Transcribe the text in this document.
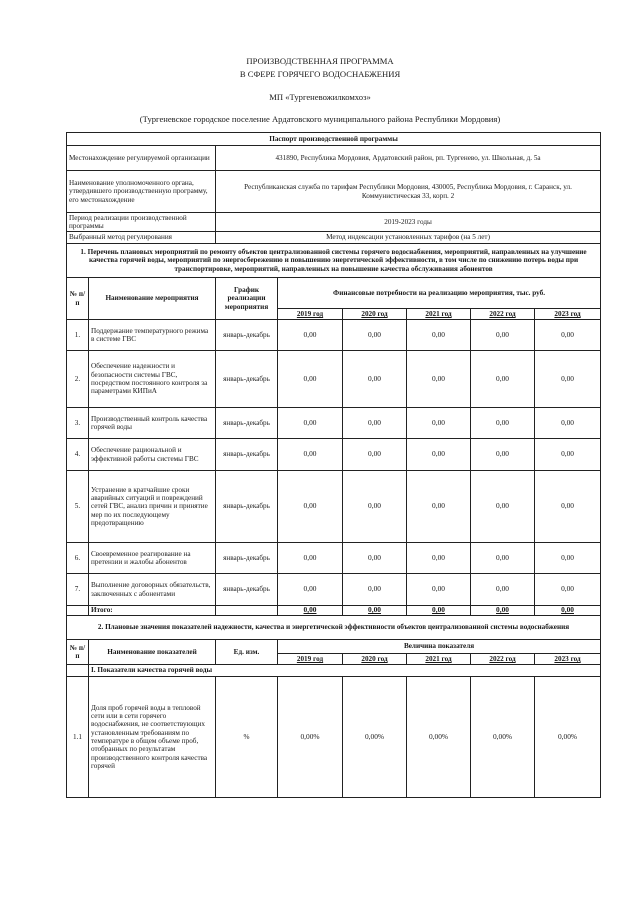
ПРОИЗВОДСТВЕННАЯ ПРОГРАММА
В СФЕРЕ ГОРЯЧЕГО ВОДОСНАБЖЕНИЯ
МП «Тургеневожилкомхоз»
(Тургеневское городское поселение Ардатовского муниципального района Республики Мордовия)
Паспорт производственной программы							
Местонахождение регулируемой организации		431890, Республика Мордовия, Ардатовский район, рп. Тургенево, ул. Школьная, д. 5а					
Наименование уполномоченного органа, утвердившего производственную программу, его местонахождение		Республиканская служба по тарифам Республики Мордовия, 430005, Республика Мордовия, г. Саранск, ул. Коммунистическая 33, корп. 2					
Период реализации производственной программы		2019-2023 годы					
Выбранный метод регулирования		Метод индексации установленных тарифов (на 5 лет)					
1. Перечень плановых мероприятий по ремонту объектов централизованной системы горячего водоснабжения, мероприятий, направленных на улучшение качества горячей воды, мероприятий по энергосбережению и повышению энергетической эффективности, в том числе по снижению потерь воды при транспортировке, мероприятий, направленных на повышение качества обслуживания абонентов							
№ п/п	Наименование мероприятия	График реализации мероприятия	Финансовые потребности на реализацию мероприятия, тыс. руб.				
			2019 год	2020 год	2021 год	2022 год	2023 год
1.	Поддержание температурного режима в системе ГВС	январь-декабрь	0,00	0,00	0,00	0,00	0,00
2.	Обеспечение надежности и безопасности системы ГВС, посредством постоянного контроля за параметрами КИПиА	январь-декабрь	0,00	0,00	0,00	0,00	0,00
3.	Производственный контроль качества горячей воды	январь-декабрь	0,00	0,00	0,00	0,00	0,00
4.	Обеспечение рациональной и эффективной работы системы ГВС	январь-декабрь	0,00	0,00	0,00	0,00	0,00
5.	Устранение в кратчайшие сроки аварийных ситуаций и повреждений сетей ГВС, анализ причин и принятие мер по их последующему предотвращению	январь-декабрь	0,00	0,00	0,00	0,00	0,00
6.	Своевременное реагирование на претензии и жалобы абонентов	январь-декабрь	0,00	0,00	0,00	0,00	0,00
7.	Выполнение договорных обязательств, заключенных с абонентами	январь-декабрь	0,00	0,00	0,00	0,00	0,00
	Итого:		0,00	0,00	0,00	0,00	0,00
2. Плановые значения показателей надежности, качества и энергетической эффективности объектов централизованной системы водоснабжения							
№ п/п	Наименование показателей	Ед. изм.	Величина показателя				
			2019 год	2020 год	2021 год	2022 год	2023 год
	I. Показатели качества горячей воды						
1.1	Доля проб горячей воды в тепловой сети или в сети горячего водоснабжения, не соответствующих установленным требованиям по температуре в общем объеме проб, отобранных по результатам производственного контроля качества горячей	%	0,00%	0,00%	0,00%	0,00%	0,00%
